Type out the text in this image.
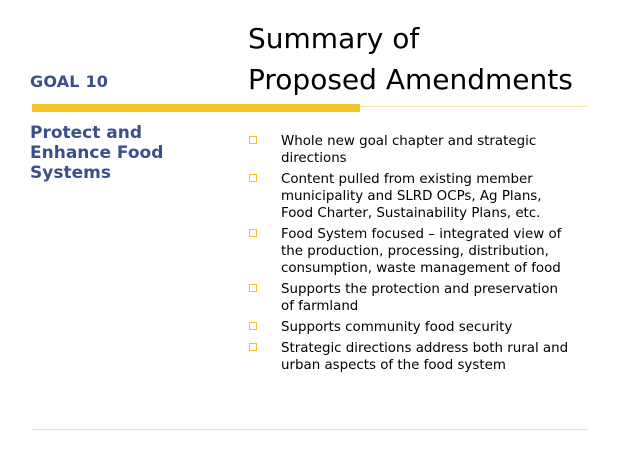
GOAL 10
Summary of
Proposed Amendments
Protect and
Enhance Food
Systems
Whole new goal chapter and strategic
directions
Content pulled from existing member
municipality and SLRD OCPs, Ag Plans,
Food Charter, Sustainability Plans, etc.
Food System focused – integrated view of
the production, processing, distribution,
consumption, waste management of food
Supports the protection and preservation
of farmland
Supports community food security
Strategic directions address both rural and
urban aspects of the food system
